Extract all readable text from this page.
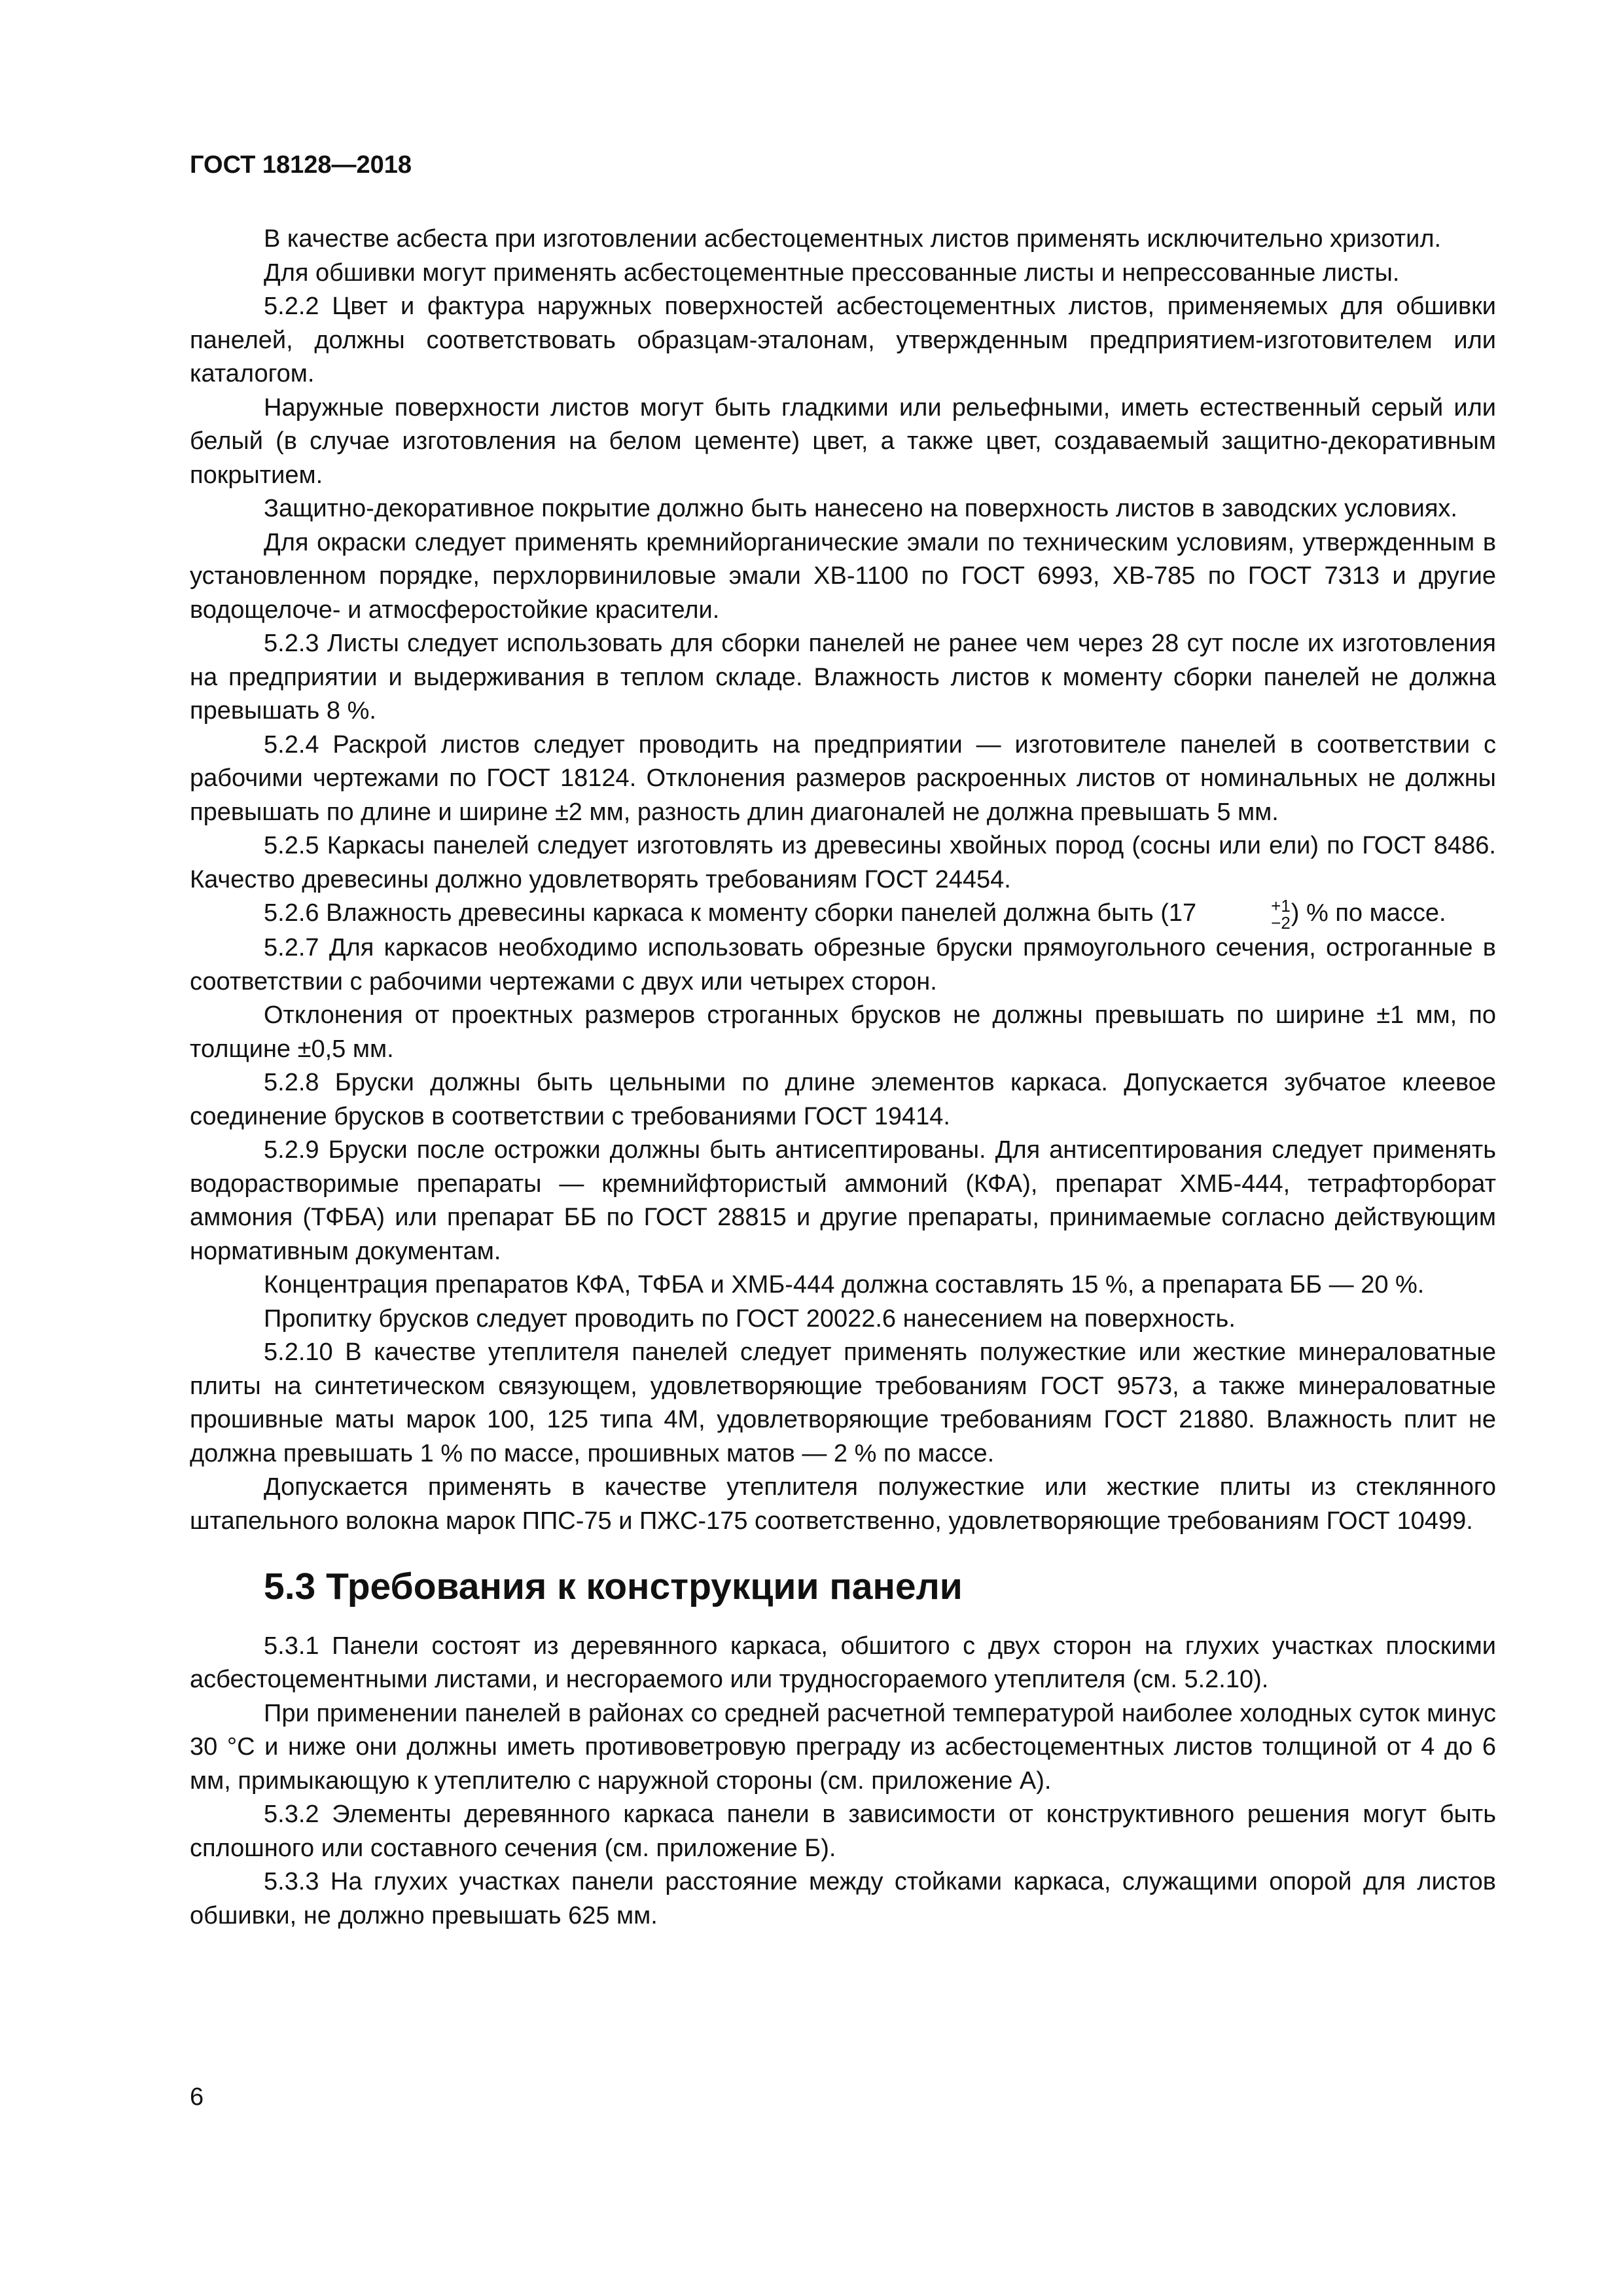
ГОСТ 18128—2018

В качестве асбеста при изготовлении асбестоцементных листов применять исключительно хризотил.

Для обшивки могут применять асбестоцементные прессованные листы и непрессованные листы.

5.2.2 Цвет и фактура наружных поверхностей асбестоцементных листов, применяемых для обшивки панелей, должны соответствовать образцам-эталонам, утвержденным предприятием-изготовителем или каталогом.

Наружные поверхности листов могут быть гладкими или рельефными, иметь естественный серый или белый (в случае изготовления на белом цементе) цвет, а также цвет, создаваемый защитно-декоративным покрытием.

Защитно-декоративное покрытие должно быть нанесено на поверхность листов в заводских условиях.

Для окраски следует применять кремнийорганические эмали по техническим условиям, утвержденным в установленном порядке, перхлорвиниловые эмали ХВ-1100 по ГОСТ 6993, ХВ-785 по ГОСТ 7313 и другие водощелоче- и атмосферостойкие красители.

5.2.3 Листы следует использовать для сборки панелей не ранее чем через 28 сут после их изготовления на предприятии и выдерживания в теплом складе. Влажность листов к моменту сборки панелей не должна превышать 8 %.

5.2.4 Раскрой листов следует проводить на предприятии — изготовителе панелей в соответствии с рабочими чертежами по ГОСТ 18124. Отклонения размеров раскроенных листов от номинальных не должны превышать по длине и ширине ±2 мм, разность длин диагоналей не должна превышать 5 мм.

5.2.5 Каркасы панелей следует изготовлять из древесины хвойных пород (сосны или ели) по ГОСТ 8486. Качество древесины должно удовлетворять требованиям ГОСТ 24454.

5.2.6 Влажность древесины каркаса к моменту сборки панелей должна быть (17	+1
−2 ) % по массе.

5.2.7 Для каркасов необходимо использовать обрезные бруски прямоугольного сечения, остроганные в соответствии с рабочими чертежами с двух или четырех сторон.

Отклонения от проектных размеров строганных брусков не должны превышать по ширине ±1 мм, по толщине ±0,5 мм.

5.2.8 Бруски должны быть цельными по длине элементов каркаса. Допускается зубчатое клеевое соединение брусков в соответствии с требованиями ГОСТ 19414.

5.2.9 Бруски после острожки должны быть антисептированы. Для антисептирования следует применять водорастворимые препараты — кремнийфтористый аммоний (КФА), препарат ХМБ-444, тетрафторборат аммония (ТФБА) или препарат ББ по ГОСТ 28815 и другие препараты, принимаемые согласно действующим нормативным документам.

Концентрация препаратов КФА, ТФБА и ХМБ-444 должна составлять 15 %, а препарата ББ — 20 %.

Пропитку брусков следует проводить по ГОСТ 20022.6 нанесением на поверхность.

5.2.10 В качестве утеплителя панелей следует применять полужесткие или жесткие минераловатные плиты на синтетическом связующем, удовлетворяющие требованиям ГОСТ 9573, а также минераловатные прошивные маты марок 100, 125 типа 4М, удовлетворяющие требованиям ГОСТ 21880. Влажность плит не должна превышать 1 % по массе, прошивных матов — 2 % по массе.

Допускается применять в качестве утеплителя полужесткие или жесткие плиты из стеклянного штапельного волокна марок ППС-75 и ПЖС-175 соответственно, удовлетворяющие требованиям ГОСТ 10499.

5.3 Требования к конструкции панели

5.3.1 Панели состоят из деревянного каркаса, обшитого с двух сторон на глухих участках плоскими асбестоцементными листами, и несгораемого или трудносгораемого утеплителя (см. 5.2.10).

При применении панелей в районах со средней расчетной температурой наиболее холодных суток минус 30 °С и ниже они должны иметь противоветровую преграду из асбестоцементных листов толщиной от 4 до 6 мм, примыкающую к утеплителю с наружной стороны (см. приложение А).

5.3.2 Элементы деревянного каркаса панели в зависимости от конструктивного решения могут быть сплошного или составного сечения (см. приложение Б).

5.3.3 На глухих участках панели расстояние между стойками каркаса, служащими опорой для листов обшивки, не должно превышать 625 мм.

6
